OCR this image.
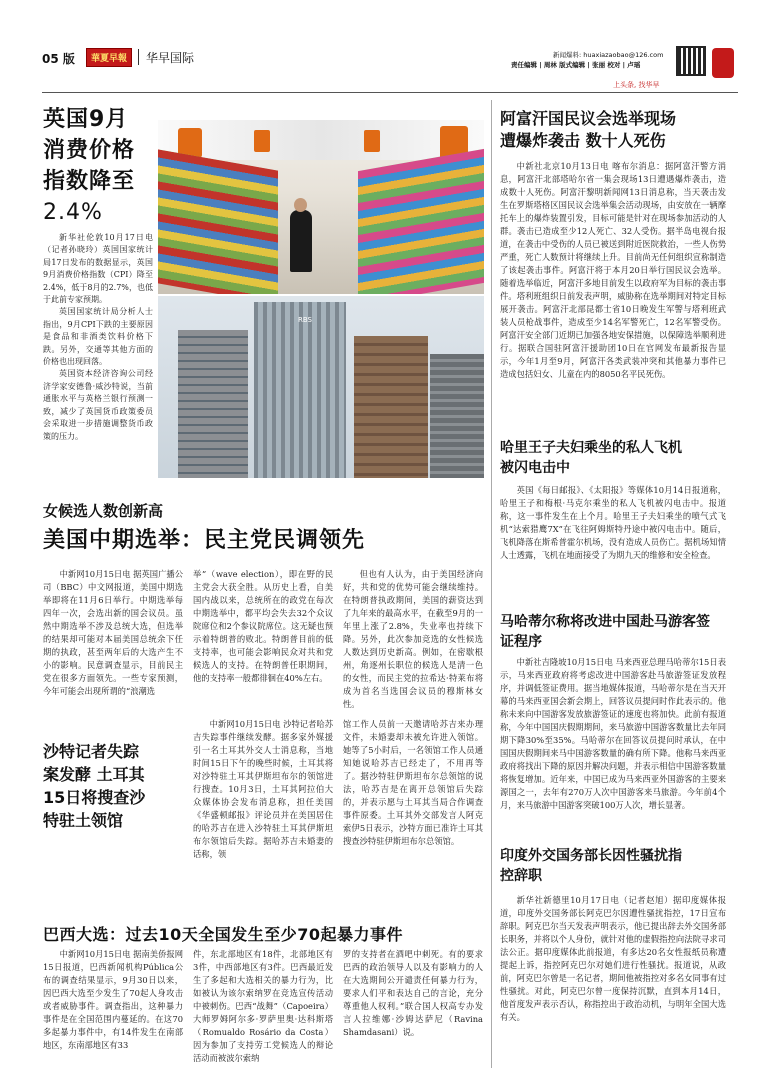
05 版	華夏早報	华早国际	新闻爆料: huaxiazaobao@126.com
责任编辑 | 周林 版式编辑 | 张丽 校对 | 卢瑶
上头条, 找华早
英国9月
消费价格
指数降至
2.4%

新华社伦敦10月17日电（记者孙晓玲）英国国家统计局17日发布的数据显示，英国9月消费价格指数（CPI）降至2.4%，低于8月的2.7%，也低于此前专家预期。

英国国家统计局分析人士指出，9月CPI下跌的主要原因是食品和非酒类饮料价格下跌。另外，交通等其他方面的价格也出现回落。

英国资本经济咨询公司经济学家安德鲁·威沙特说，当前通胀水平与英格兰银行预测一致，减少了英国货币政策委员会采取进一步措施调整货币政策的压力。

RBS
女候选人数创新高
美国中期选举：民主党民调领先
中新网10月15日电 据英国广播公司（BBC）中文网报道，美国中期选举即将在11月6日举行。中期选举每四年一次，会选出新的国会议员。虽然中期选举不涉及总统大选，但选举的结果却可能对本届美国总统余下任期的执政，甚至两年后的大选产生不小的影响。民意调查显示，目前民主党在很多方面领先。一些专家预测，今年可能会出现所谓的“浪潮选
举”（wave election），即在野的民主党会大获全胜。从历史上看，自美国内战以来，总统所在的政党在每次中期选举中，都平均会失去32个众议院席位和2个参议院席位。这无疑也预示着特朗普的败北。特朗普目前的低支持率，也可能会影响民众对共和党候选人的支持。在特朗普任职期间，他的支持率一般都徘徊在40%左右。
但也有人认为，由于美国经济向好，共和党的优势可能会继续维持。在特朗普执政期间，美国的薪资达到了九年来的最高水平，在截至9月的一年里上涨了2.8%，失业率也持续下降。另外，此次参加竞选的女性候选人数达到历史新高。例如，在密歇根州，角逐州长职位的候选人是清一色的女性，而民主党的拉希达·特莱布将成为首名当选国会议员的穆斯林女性。
沙特记者失踪
案发酵 土耳其
15日将搜查沙
特驻土领馆
中新网10月15日电 沙特记者哈苏吉失踪事件继续发酵。据多家外媒援引一名土耳其外交人士消息称，当地时间15日下午的晚些时候，土耳其将对沙特驻土耳其伊斯坦布尔的领馆进行搜查。10月3日，土耳其阿拉伯大众媒体协会发布消息称，担任美国《华盛顿邮报》评论员并在美国居住的哈苏吉在进入沙特驻土耳其伊斯坦布尔领馆后失踪。据哈苏吉未婚妻的话称，领
馆工作人员前一天邀请哈苏吉来办理文件，未婚妻却未被允许进入领馆。她等了5小时后，一名领馆工作人员通知她说哈苏吉已经走了，不用再等了。据沙特驻伊斯坦布尔总领馆的说法，哈苏吉是在离开总领馆后失踪的，并表示愿与土耳其当局合作调查事件原委。土耳其外交部发言人阿克索伊5日表示，沙特方面已准许土耳其搜查沙特驻伊斯坦布尔总领馆。
巴西大选：过去10天全国发生至少70起暴力事件
中新网10月15日电 据南美侨报网15日报道，巴西新闻机构Pública公布的调查结果显示，9月30日以来，因巴西大选至少发生了70起人身攻击或者威胁事件。调查指出，这种暴力事件是在全国范围内蔓延的。在这70多起暴力事件中，有14件发生在南部地区，东南部地区有33
件，东北部地区有18件，北部地区有3件，中西部地区有3件。巴西最近发生了多起和大选相关的暴力行为，比如被认为该尔索纳罗在竞选宣传活动中被刺伤。巴西“战舞”（Capoeira）大师罗姆阿尔多·罗萨里奥·达科斯塔（Romualdo Rosário da Costa）因为参加了支持劳工党候选人的辩论活动而被波尔索纳
罗的支持者在酒吧中刺死。有的要求巴西的政治领导人以及有影响力的人在大选期间公开谴责任何暴力行为，要求人们平和表达自己的言论，充分尊重他人权利。”联合国人权高专办发言人拉维娜·沙姆达萨尼（Ravina Shamdasani）说。
阿富汗国民议会选举现场
遭爆炸袭击 数十人死伤
中新社北京10月13日电 喀布尔消息：据阿富汗警方消息，阿富汗北部塔哈尔省一集会现场13日遭遇爆炸袭击，造成数十人死伤。阿富汗黎明新闻网13日消息称，当天袭击发生在罗斯塔格区国民议会选举集会活动现场，由安放在一辆摩托车上的爆炸装置引发，目标可能是针对在现场参加活动的人群。袭击已造成至少12人死亡、32人受伤。据半岛电视台报道，在袭击中受伤的人员已被送到附近医院救治，一些人伤势严重，死亡人数预计将继续上升。目前尚无任何组织宣称制造了该起袭击事件。阿富汗将于本月20日举行国民议会选举。随着选举临近，阿富汗多地目前发生以政府军为目标的袭击事件。塔利班组织日前发表声明，威胁称在选举期间对特定目标展开袭击。阿富汗北部昆都士省10日晚发生军警与塔利班武装人员枪战事件，造成至少14名军警死亡，12名军警受伤。阿富汗安全部门近期已加强各地安保措施，以保障选举顺利进行。据联合国驻阿富汗援助团10日在官网发布最新报告显示，今年1月至9月，阿富汗各类武装冲突和其他暴力事件已造成包括妇女、儿童在内的8050名平民死伤。
哈里王子夫妇乘坐的私人飞机
被闪电击中
英国《每日邮报》、《太阳报》等媒体10月14日报道称，哈里王子和梅根·马克尔乘坐的私人飞机被闪电击中。报道称，这一事件发生在上个月。哈里王子夫妇乘坐的喷气式飞机“达索猎鹰7X”在飞往阿姆斯特丹途中被闪电击中。随后，飞机降落在斯希普霍尔机场，没有造成人员伤亡。据机场知情人士透露，飞机在地面接受了为期九天的维修和安全检查。
马哈蒂尔称将改进中国赴马游客签
证程序
中新社吉隆坡10月15日电 马来西亚总理马哈蒂尔15日表示，马来西亚政府将考虑改进中国游客赴马旅游签证发放程序，并调低签证费用。据当地媒体报道，马哈蒂尔是在当天开幕的马来西亚国会新会期上，回答议员提问时作此表示的。他称未来向中国游客发放旅游签证的速度也将加快。此前有报道称，今年中国国庆假期期间，来马旅游中国游客数量比去年同期下降30%至35%。马哈蒂尔在回答议员提问时承认，在中国国庆假期间来马中国游客数量的确有所下降。他称马来西亚政府将找出下降的原因并解决问题，并表示相信中国游客数量将恢复增加。近年来，中国已成为马来西亚外国游客的主要来源国之一，去年有270万人次中国游客来马旅游。今年前4个月，来马旅游中国游客突破100万人次，增长显著。
印度外交国务部长因性骚扰指
控辞职
新华社新德里10月17日电（记者赵旭）据印度媒体报道，印度外交国务部长阿克巴尔因遭性骚扰指控，17日宣布辞职。阿克巴尔当天发表声明表示，他已提出辞去外交国务部长职务，并将以个人身份，就针对他的虚假指控向法院寻求司法公正。据印度媒体此前报道，有多达20名女性报纸员称遭提起上诉，指控阿克巴尔对她们进行性骚扰。报道说，从政前，阿克巴尔曾是一名记者，期间他被指控对多名女同事有过性骚扰。对此，阿克巴尔曾一度保持沉默，直到本月14日，他首度发声表示否认，称指控出于政治动机，与明年全国大选有关。
